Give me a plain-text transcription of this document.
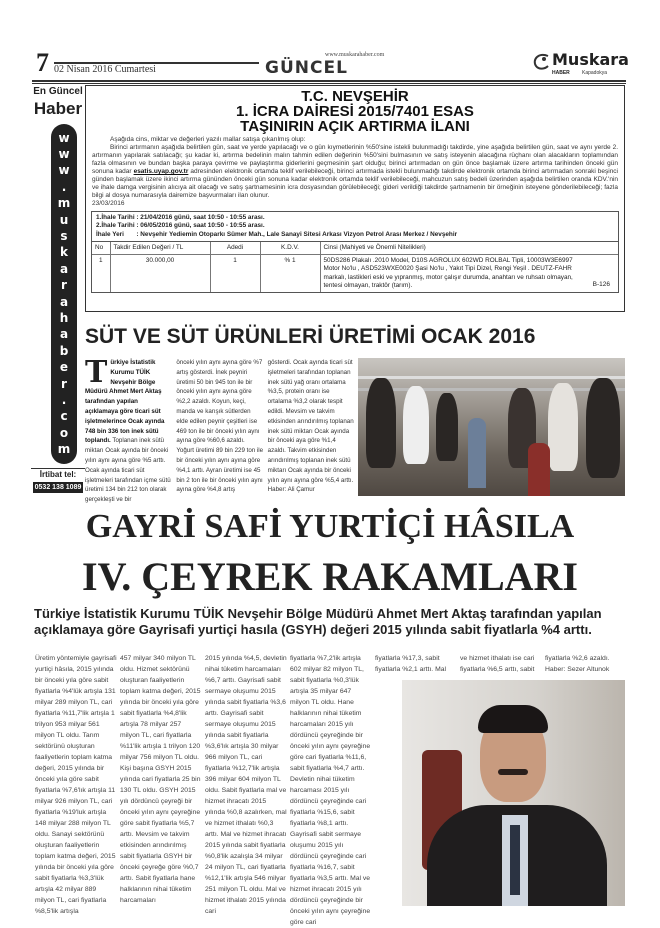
7 02 Nisan 2016 Cumartesi	GÜNCEL
www.muskarahaber.com	Muskara
HABER Kapadokya
En Güncel
Haber
w
w
w
.
m
u
s
k
a
r
a
h
a
b
e
r
.
c
o
m
İrtibat tel:
0532 138 1089
T.C. NEVŞEHİR
1. İCRA DAİRESİ 2015/7401 ESAS
TAŞINIRIN AÇIK ARTIRMA İLANI

Aşağıda cins, miktar ve değerleri yazılı mallar satışa çıkarılmış olup:

Birinci artırmanın aşağıda belirtilen gün, saat ve yerde yapılacağı ve o gün kıymetlerinin %50'sine istekli bulunmadığı takdirde, yine aşağıda belirtilen gün, saat ve aynı yerde 2. artırmanın yapılarak satılacağı; şu kadar ki, artırma bedelinin malın tahmin edilen değerinin %50'sini bulmasının ve satış isteyenin alacağına rüçhanı olan alacakların toplamından fazla olmasının ve bundan başka paraya çevirme ve paylaştırma giderlerini geçmesinin şart olduğu; birinci artırmadan on gün önce başlamak üzere artırma tarihinden önceki gün sonuna kadar esatis.uyap.gov.tr adresinden elektronik ortamda teklif verilebileceği, birinci artırmada istekli bulunmadığı takdirde elektronik ortamda birinci artırmadan sonraki beşinci günden başlamak üzere ikinci artırma gününden önceki gün sonuna kadar elektronik ortamda teklif verilebileceği, mahcuzun satış bedeli üzerinden aşağıda belirtilen oranda KDV.'nin ve ihale damga vergisinin alıcıya ait olacağı ve satış şartnamesinin icra dosyasından görülebileceği; gideri verildiği takdirde şartnamenin bir örneğinin isteyene gönderilebileceği; fazla bilgi al dosya numarasıyla dairemize başvurmaları ilan olunur.

23/03/2016
1.İhale Tarihi : 21/04/2016 günü, saat 10:50 - 10:55 arası.
2.İhale Tarihi : 06/05/2016 günü, saat 10:50 - 10:55 arası.
İhale Yeri       : Nevşehir Yediemin Otoparkı Sümer Mah., Lale Sanayi Sitesi Arkası Vizyon Petrol Arası Merkez / Nevşehir
No	Takdir Edilen Değeri / TL	Adedi	K.D.V.	Cinsi (Mahiyeti ve Önemli Nitelikleri)
1	30.000,00	1	% 1	50DS286 Plakalı .2010 Model, D10S AGROLUX 602WD ROLBAL Tipli, 10003W3E6997 Motor No'lu , ASD523WXE0020 Şasi No'lu , Yakıt Tipi Dizel, Rengi Yeşil . DEUTZ-FAHR markalı, lastikleri eski ve yıpranmış, motor çalışır durumda, anahtarı ve ruhsatı olmayan, tentesi olmayan, traktör (tarım).	B-126
SÜT VE SÜT ÜRÜNLERİ ÜRETİMİ OCAK 2016
Türkiye İstatistik Kurumu TÜİK Nevşehir Bölge Müdürü Ahmet Mert Aktaş tarafından yapılan açıklamaya göre ticari süt işletmelerince Ocak ayında 748 bin 336 ton inek sütü toplandı. Toplanan inek sütü miktarı Ocak ayında bir önceki yılın aynı ayına göre %5 arttı. Ocak ayında ticari süt işletmeleri tarafından içme sütü üretimi 134 bin 212 ton olarak gerçekleşti ve bir
önceki yılın aynı ayına göre %7 artış gösterdi. İnek peyniri üretimi 50 bin 945 ton ile bir önceki yılın aynı ayına göre %2,2 azaldı. Koyun, keçi, manda ve karışık sütlerden elde edilen peynir çeşitleri ise 469 ton ile bir önceki yılın aynı ayına göre %60,6 azaldı. Yoğurt üretimi 89 bin 229 ton ile bir önceki yılın aynı ayına göre %4,1 arttı. Ayran üretimi ise 45 bin 2 ton ile bir önceki yılın aynı ayına göre %4,8 artış
gösterdi. Ocak ayında ticari süt işletmeleri tarafından toplanan inek sütü yağ oranı ortalama %3,5, protein oranı ise ortalama %3,2 olarak tespit edildi. Mevsim ve takvim etkisinden arındırılmış toplanan inek sütü miktarı Ocak ayında bir önceki aya göre %1,4 azaldı. Takvim etkisinden arındırılmış toplanan inek sütü miktarı Ocak ayında bir önceki yılın aynı ayına göre %5,4 arttı. Haber: Ali Çamur
GAYRİ SAFİ YURTİÇİ HÂSILA
IV. ÇEYREK RAKAMLARI
Türkiye İstatistik Kurumu TÜİK Nevşehir Bölge Müdürü Ahmet Mert Aktaş tarafından yapılan
açıklamaya göre Gayrisafi yurtiçi hasıla (GSYH) değeri 2015 yılında sabit fiyatlarla %4 arttı.
Üretim yöntemiyle gayrisafi yurtiçi hâsıla, 2015 yılında bir önceki yıla göre sabit fiyatlarla %4'lük artışla 131 milyar 289 milyon TL, cari fiyatlarla %11,7'lik artışla 1 trilyon 953 milyar 561 milyon TL oldu. Tarım sektörünü oluşturan faaliyetlerin toplam katma değeri, 2015 yılında bir önceki yıla göre sabit fiyatlarla %7,6'lık artışla 11 milyar 926 milyon TL, cari fiyatlarla %19'luk artışla 148 milyar 288 milyon TL oldu. Sanayi sektörünü oluşturan faaliyetlerin toplam katma değeri, 2015 yılında bir önceki yıla göre sabit fiyatlarla %3,3'lük artışla 42 milyar 889 milyon TL, cari fiyatlarla %8,5'lik artışla
457 milyar 340 milyon TL oldu. Hizmet sektörünü oluşturan faaliyetlerin toplam katma değeri, 2015 yılında bir önceki yıla göre sabit fiyatlarla %4,8'lik artışla 78 milyar 257 milyon TL, cari fiyatlarla %11'lik artışla 1 trilyon 120 milyar 756 milyon TL oldu. Kişi başına GSYH 2015 yılında cari fiyatlarla 25 bin 130 TL oldu. GSYH 2015 yılı dördüncü çeyreği bir önceki yılın aynı çeyreğine göre sabit fiyatlarla %5,7 arttı. Mevsim ve takvim etkisinden arındırılmış sabit fiyatlarla GSYH bir önceki çeyreğe göre %0,7 arttı. Sabit fiyatlarla hane halklarının nihai tüketim harcamaları
2015 yılında %4,5, devletin nihai tüketim harcamaları %6,7 arttı. Gayrisafi sabit sermaye oluşumu 2015 yılında sabit fiyatlarla %3,6 arttı. Gayrisafi sabit sermaye oluşumu 2015 yılında sabit fiyatlarla %3,6'lık artışla 30 milyar 966 milyon TL, cari fiyatlarla %12,7'lik artışla 396 milyar 604 milyon TL oldu. Sabit fiyatlarla mal ve hizmet ihracatı 2015 yılında %0,8 azalırken, mal ve hizmet ithalatı %0,3 arttı. Mal ve hizmet ihracatı 2015 yılında sabit fiyatlarla %0,8'lik azalışla 34 milyar 24 milyon TL, cari fiyatlarla %12,1'lik artışla 546 milyar 251 milyon TL oldu. Mal ve hizmet ithalatı 2015 yılında cari
fiyatlarla %7,2'lik artışla 602 milyar 82 milyon TL, sabit fiyatlarla %0,3'lük artışla 35 milyar 647 milyon TL oldu. Hane halklarının nihai tüketim harcamaları 2015 yılı dördüncü çeyreğinde bir önceki yılın aynı çeyreğine göre cari fiyatlarla %11,6, sabit fiyatlarla %4,7 arttı. Devletin nihai tüketim harcaması 2015 yılı dördüncü çeyreğinde cari fiyatlarla %15,6, sabit fiyatlarla %8,1 arttı. Gayrisafi sabit sermaye oluşumu 2015 yılı dördüncü çeyreğinde cari fiyatlarla %16,7, sabit fiyatlarla %3,5 arttı. Mal ve hizmet ihracatı 2015 yılı dördüncü çeyreğinde bir önceki yılın aynı çeyreğine göre cari
fiyatlarla %17,3, sabit fiyatlarla %2,1 arttı. Mal
ve hizmet ithalatı ise cari fiyatlarla %6,5 arttı, sabit
fiyatlarla %2,6 azaldı. Haber: Sezer Altunok
